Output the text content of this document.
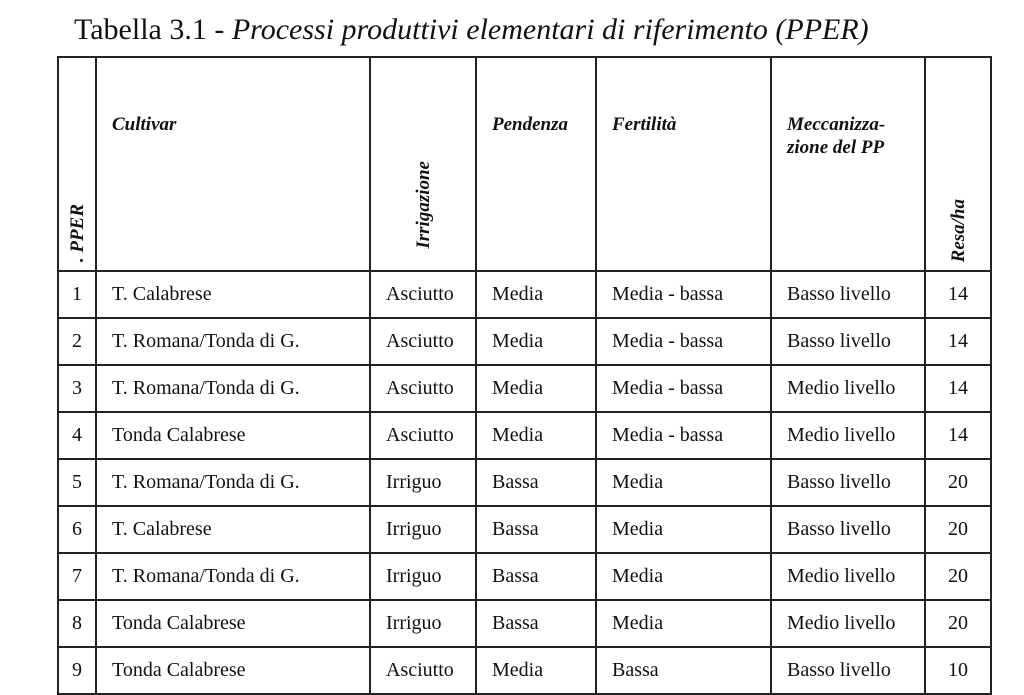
Tabella 3.1 - Processi produttivi elementari di riferimento (PPER)
. PPER	Cultivar	Irrigazione	Pendenza	Fertilità	Meccanizza-zione del PP	Resa/ha
1	T. Calabrese	Asciutto	Media	Media - bassa	Basso livello	14
2	T. Romana/Tonda di G.	Asciutto	Media	Media - bassa	Basso livello	14
3	T. Romana/Tonda di G.	Asciutto	Media	Media - bassa	Medio livello	14
4	Tonda Calabrese	Asciutto	Media	Media - bassa	Medio livello	14
5	T. Romana/Tonda di G.	Irriguo	Bassa	Media	Basso livello	20
6	T. Calabrese	Irriguo	Bassa	Media	Basso livello	20
7	T. Romana/Tonda di G.	Irriguo	Bassa	Media	Medio livello	20
8	Tonda Calabrese	Irriguo	Bassa	Media	Medio livello	20
9	Tonda Calabrese	Asciutto	Media	Bassa	Basso livello	10
